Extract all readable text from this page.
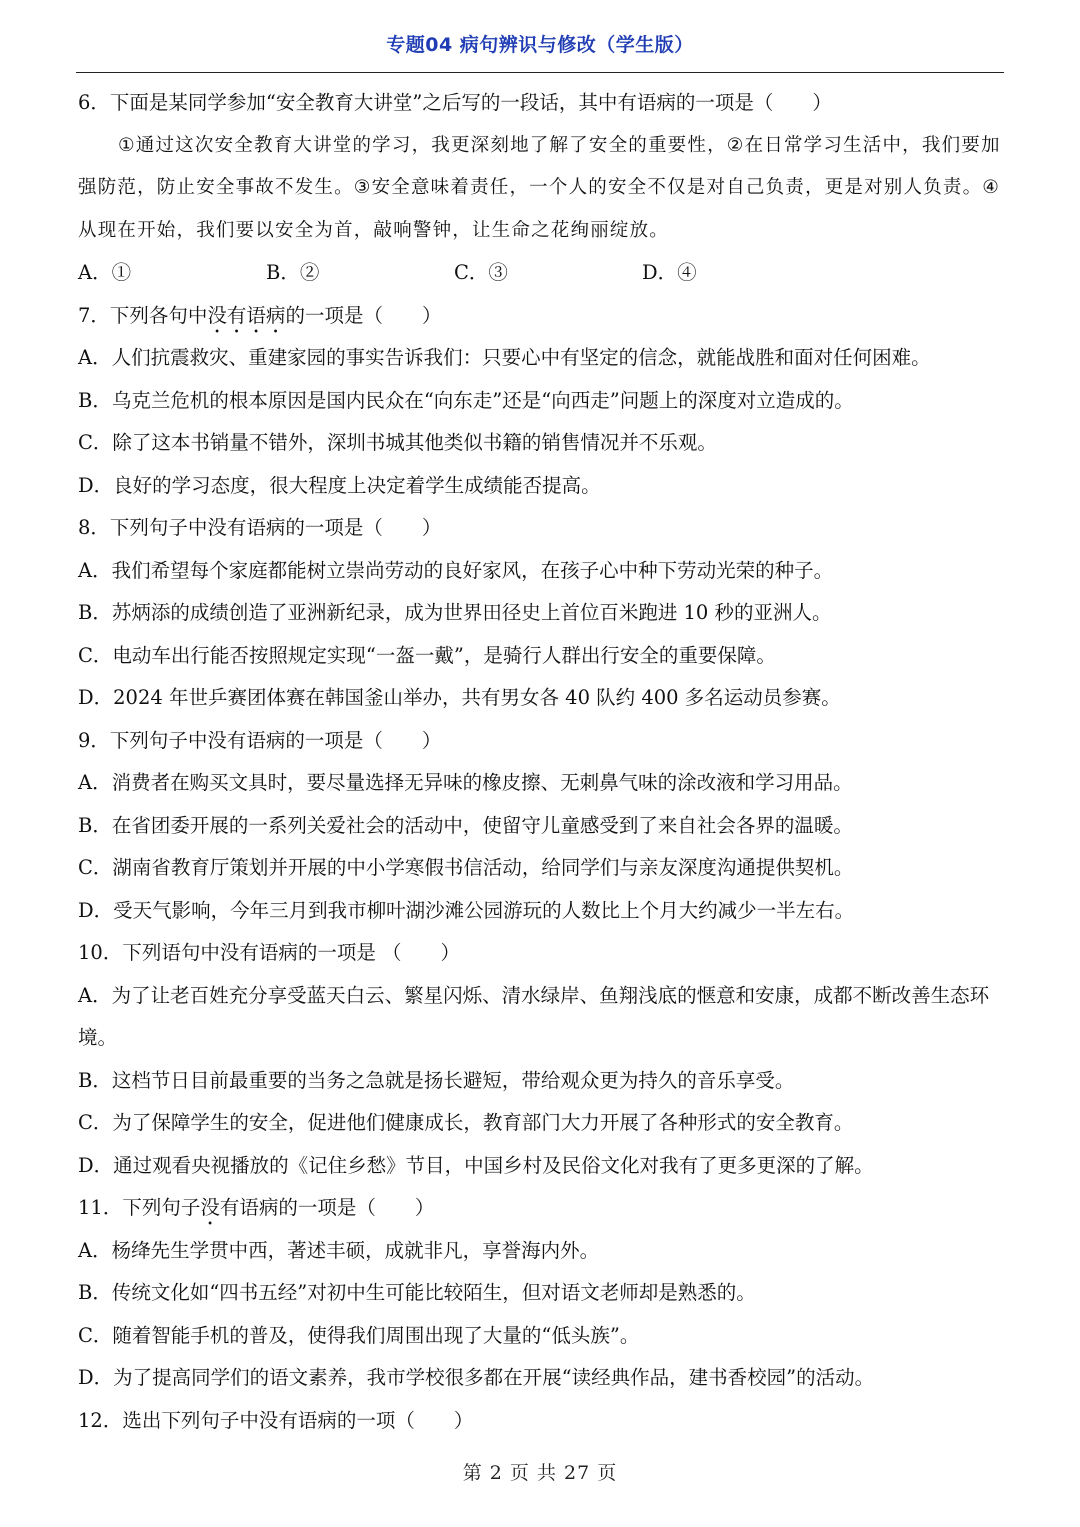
专题04 病句辨识与修改（学生版）
6．下面是某同学参加“安全教育大讲堂”之后写的一段话，其中有语病的一项是（　　）
①通过这次安全教育大讲堂的学习，我更深刻地了解了安全的重要性，②在日常学习生活中，我们要加强防范，防止安全事故不发生。③安全意味着责任，一个人的安全不仅是对自己负责，更是对别人负责。④从现在开始，我们要以安全为首，敲响警钟，让生命之花绚丽绽放。
A．①	B．②	C．③	D．④
7．下列各句中没有语病的一项是（　　）
A．人们抗震救灾、重建家园的事实告诉我们：只要心中有坚定的信念，就能战胜和面对任何困难。
B．乌克兰危机的根本原因是国内民众在“向东走”还是“向西走”问题上的深度对立造成的。
C．除了这本书销量不错外，深圳书城其他类似书籍的销售情况并不乐观。
D．良好的学习态度，很大程度上决定着学生成绩能否提高。
8．下列句子中没有语病的一项是（　　）
A．我们希望每个家庭都能树立崇尚劳动的良好家风，在孩子心中种下劳动光荣的种子。
B．苏炳添的成绩创造了亚洲新纪录，成为世界田径史上首位百米跑进 10 秒的亚洲人。
C．电动车出行能否按照规定实现“一盔一戴”，是骑行人群出行安全的重要保障。
D．2024 年世乒赛团体赛在韩国釜山举办，共有男女各 40 队约 400 多名运动员参赛。
9．下列句子中没有语病的一项是（　　）
A．消费者在购买文具时，要尽量选择无异味的橡皮擦、无刺鼻气味的涂改液和学习用品。
B．在省团委开展的一系列关爱社会的活动中，使留守儿童感受到了来自社会各界的温暖。
C．湖南省教育厅策划并开展的中小学寒假书信活动，给同学们与亲友深度沟通提供契机。
D．受天气影响，今年三月到我市柳叶湖沙滩公园游玩的人数比上个月大约减少一半左右。
10．下列语句中没有语病的一项是 （　　）
A．为了让老百姓充分享受蓝天白云、繁星闪烁、清水绿岸、鱼翔浅底的惬意和安康，成都不断改善生态环境。
B．这档节日目前最重要的当务之急就是扬长避短，带给观众更为持久的音乐享受。
C．为了保障学生的安全，促进他们健康成长，教育部门大力开展了各种形式的安全教育。
D．通过观看央视播放的《记住乡愁》节目，中国乡村及民俗文化对我有了更多更深的了解。
11．下列句子没有语病的一项是（　　）
A．杨绛先生学贯中西，著述丰硕，成就非凡，享誉海内外。
B．传统文化如“四书五经”对初中生可能比较陌生，但对语文老师却是熟悉的。
C．随着智能手机的普及，使得我们周围出现了大量的“低头族”。
D．为了提高同学们的语文素养，我市学校很多都在开展“读经典作品，建书香校园”的活动。
12．选出下列句子中没有语病的一项（　　）
第 2 页 共 27 页
